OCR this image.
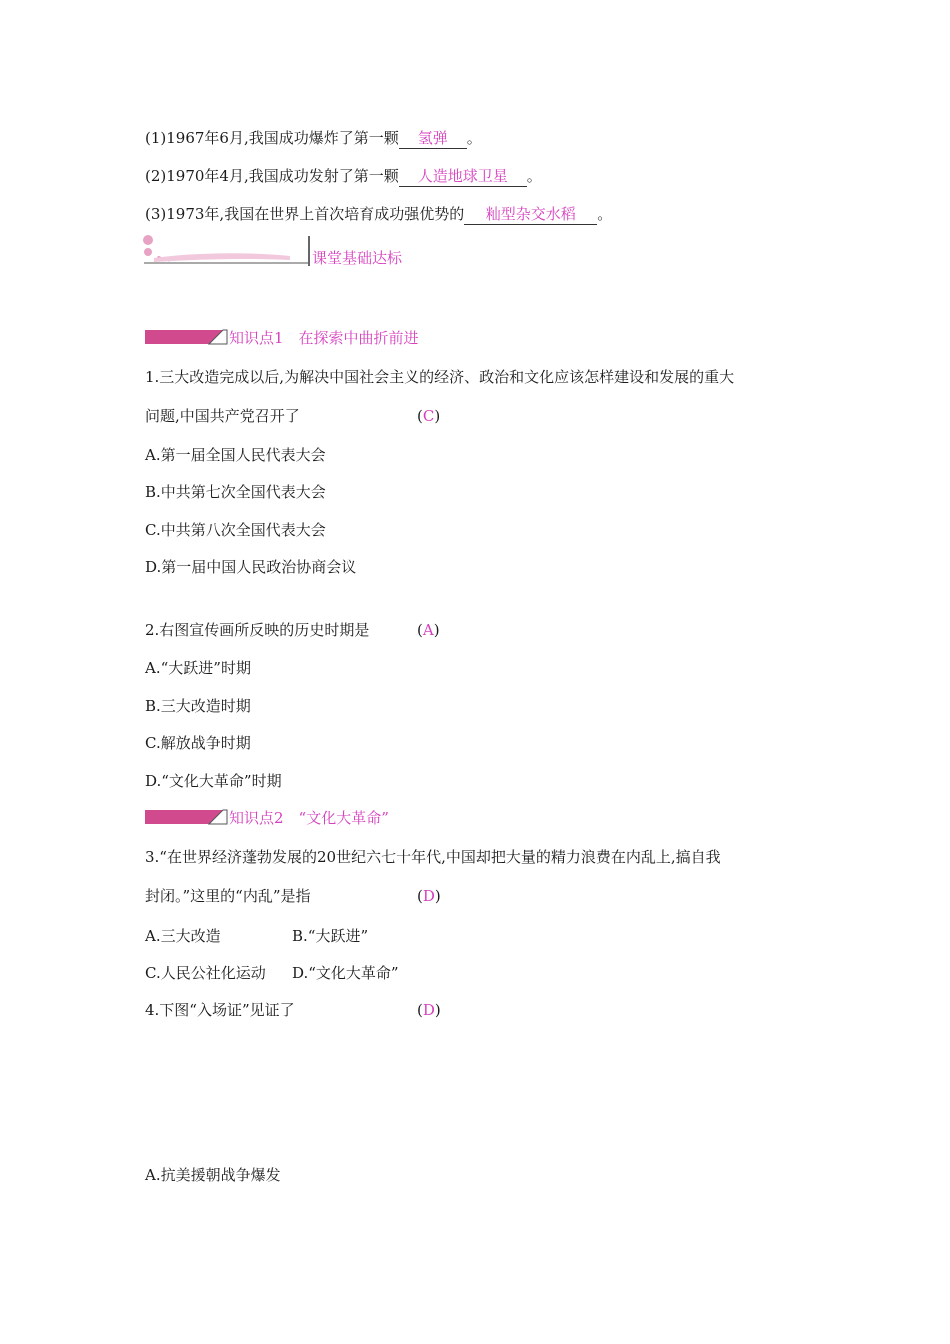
(1)1967年6月,我国成功爆炸了第一颗 氢弹 。
(2)1970年4月,我国成功发射了第一颗 人造地球卫星 。
(3)1973年,我国在世界上首次培育成功强优势的 籼型杂交水稻 。
课堂基础达标
知识点1　在探索中曲折前进
1.三大改造完成以后,为解决中国社会主义的经济、政治和文化应该怎样建设和发展的重大
问题,中国共产党召开了	(C)
A.第一届全国人民代表大会
B.中共第七次全国代表大会
C.中共第八次全国代表大会
D.第一届中国人民政治协商会议
2.右图宣传画所反映的历史时期是	(A)
A.“大跃进”时期
B.三大改造时期
C.解放战争时期
D.“文化大革命”时期
知识点2　“文化大革命”
3.“在世界经济蓬勃发展的20世纪六七十年代,中国却把大量的精力浪费在内乱上,搞自我
封闭。”这里的“内乱”是指	(D)
A.三大改造	B.“大跃进”
C.人民公社化运动 D.“文化大革命”
4.下图“入场证”见证了	(D)
A.抗美援朝战争爆发
